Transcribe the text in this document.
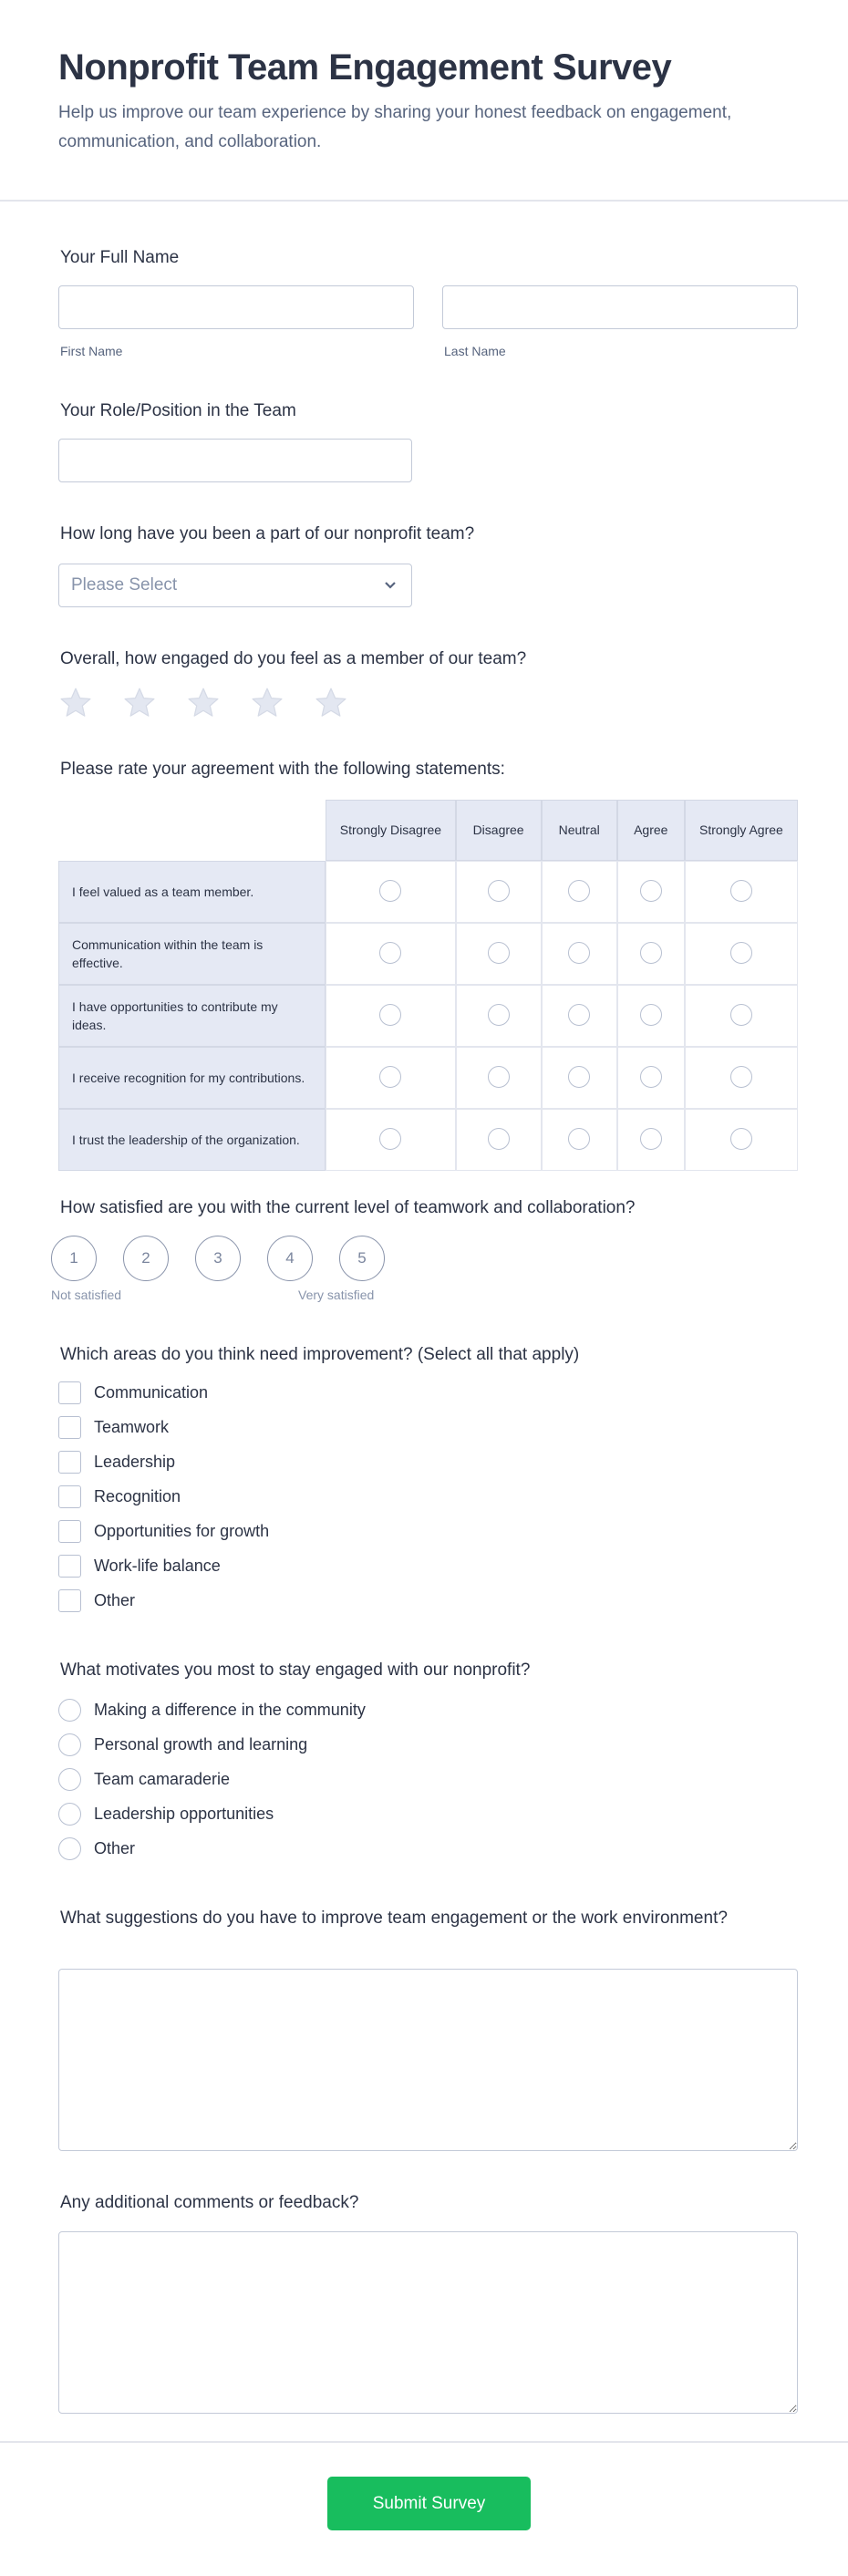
Nonprofit Team Engagement Survey

Help us improve our team experience by sharing your honest feedback on engagement, communication, and collaboration.

Your Full Name
First Name	Last Name
Your Role/Position in the Team
How long have you been a part of our nonprofit team?
Please Select
Overall, how engaged do you feel as a member of our team?
Please rate your agreement with the following statements:
	Strongly Disagree	Disagree	Neutral	Agree	Strongly Agree
I feel valued as a team member.					
Communication within the team is effective.					
I have opportunities to contribute my ideas.					
I receive recognition for my contributions.					
I trust the leadership of the organization.					
How satisfied are you with the current level of teamwork and collaboration?
1	2	3	4	5
Not satisfied	Very satisfied
Which areas do you think need improvement? (Select all that apply)
Communication
Teamwork
Leadership
Recognition
Opportunities for growth
Work-life balance
Other
What motivates you most to stay engaged with our nonprofit?
Making a difference in the community
Personal growth and learning
Team camaraderie
Leadership opportunities
Other
What suggestions do you have to improve team engagement or the work environment?
Any additional comments or feedback?
Submit Survey
